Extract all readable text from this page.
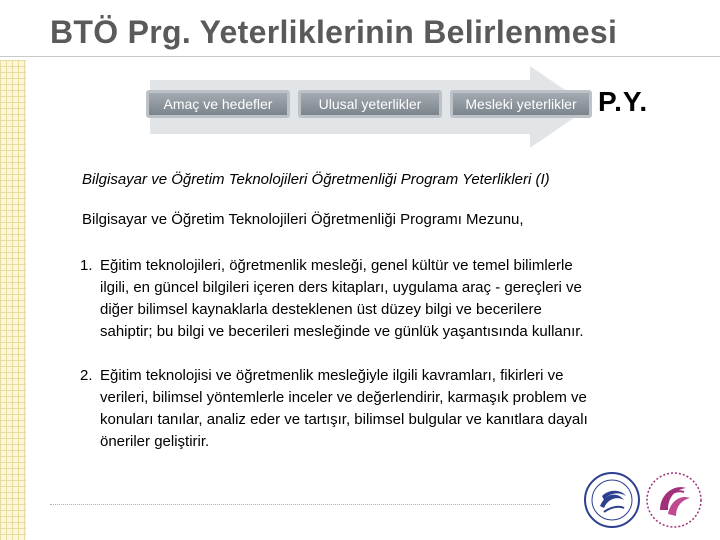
BTÖ Prg. Yeterliklerinin Belirlenmesi
Amaç ve hedefler	Ulusal yeterlikler	Mesleki yeterlikler P.Y.

Bilgisayar ve Öğretim Teknolojileri Öğretmenliği Program Yeterlikleri (I)

Bilgisayar ve Öğretim Teknolojileri Öğretmenliği Programı Mezunu,

1. Eğitim teknolojileri, öğretmenlik mesleği, genel kültür ve temel bilimlerle
ilgili, en güncel bilgileri içeren ders kitapları, uygulama araç - gereçleri ve
diğer bilimsel kaynaklarla desteklenen üst düzey bilgi ve becerilere
sahiptir; bu bilgi ve becerileri mesleğinde ve günlük yaşantısında kullanır.
2. Eğitim teknolojisi ve öğretmenlik mesleğiyle ilgili kavramları, fikirleri ve
verileri, bilimsel yöntemlerle inceler ve değerlendirir, karmaşık problem ve
konuları tanılar, analiz eder ve tartışır, bilimsel bulgular ve kanıtlara dayalı
öneriler geliştirir.
